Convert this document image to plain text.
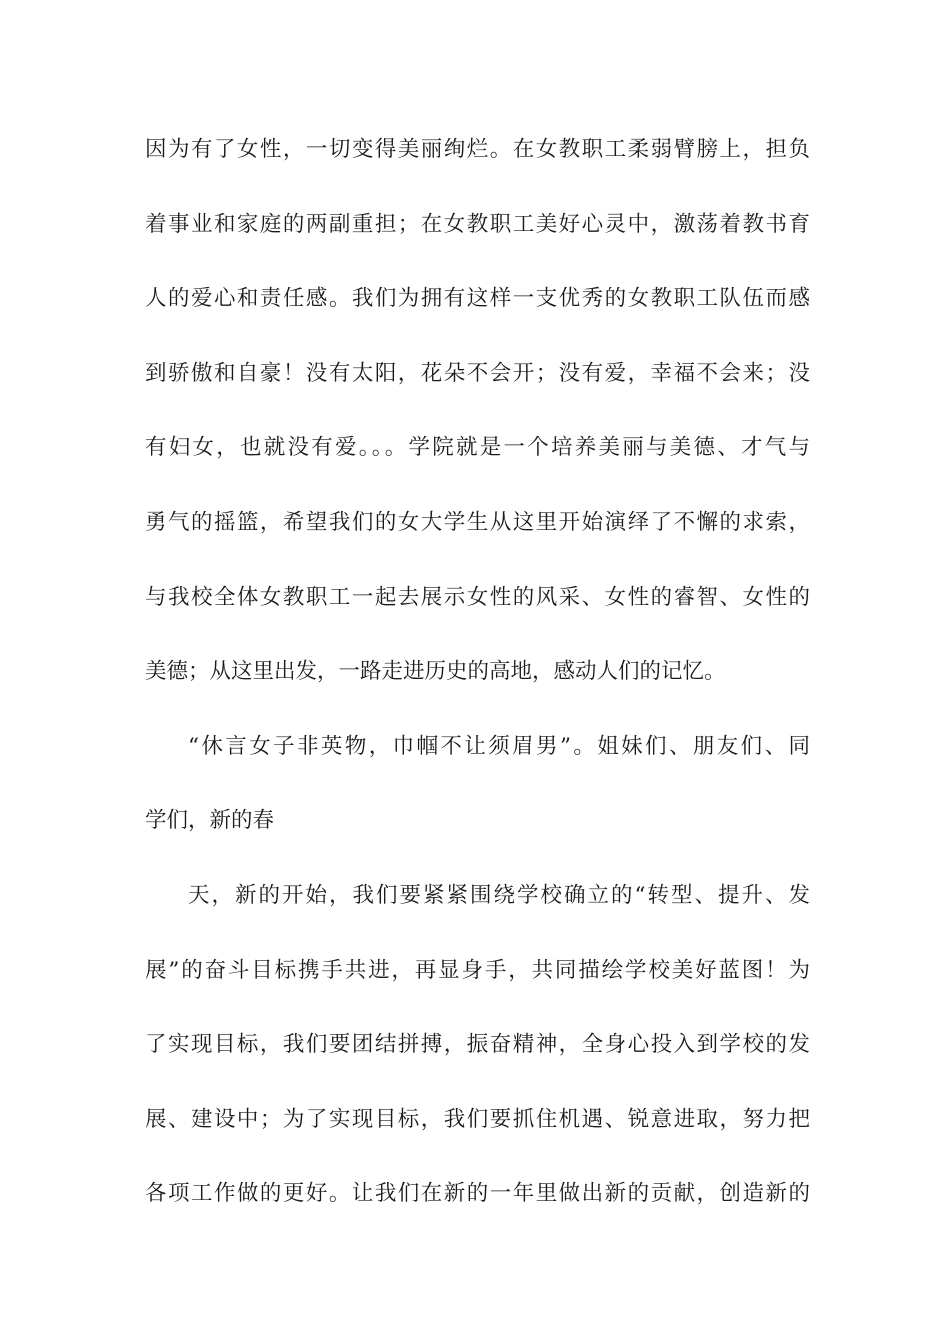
因为有了女性，一切变得美丽绚烂。在女教职工柔弱臂膀上，担负
着事业和家庭的两副重担；在女教职工美好心灵中，激荡着教书育
人的爱心和责任感。我们为拥有这样一支优秀的女教职工队伍而感
到骄傲和自豪！没有太阳，花朵不会开；没有爱，幸福不会来；没
有妇女，也就没有爱。。。学院就是一个培养美丽与美德、才气与
勇气的摇篮，希望我们的女大学生从这里开始演绎了不懈的求索，
与我校全体女教职工一起去展示女性的风采、女性的睿智、女性的
美德；从这里出发，一路走进历史的高地，感动人们的记忆。
“休言女子非英物，巾帼不让须眉男”。姐妹们、朋友们、同
学们，新的春
天，新的开始，我们要紧紧围绕学校确立的“转型、提升、发
展”的奋斗目标携手共进，再显身手，共同描绘学校美好蓝图！为
了实现目标，我们要团结拼搏，振奋精神，全身心投入到学校的发
展、建设中；为了实现目标，我们要抓住机遇、锐意进取，努力把
各项工作做的更好。让我们在新的一年里做出新的贡献，创造新的
